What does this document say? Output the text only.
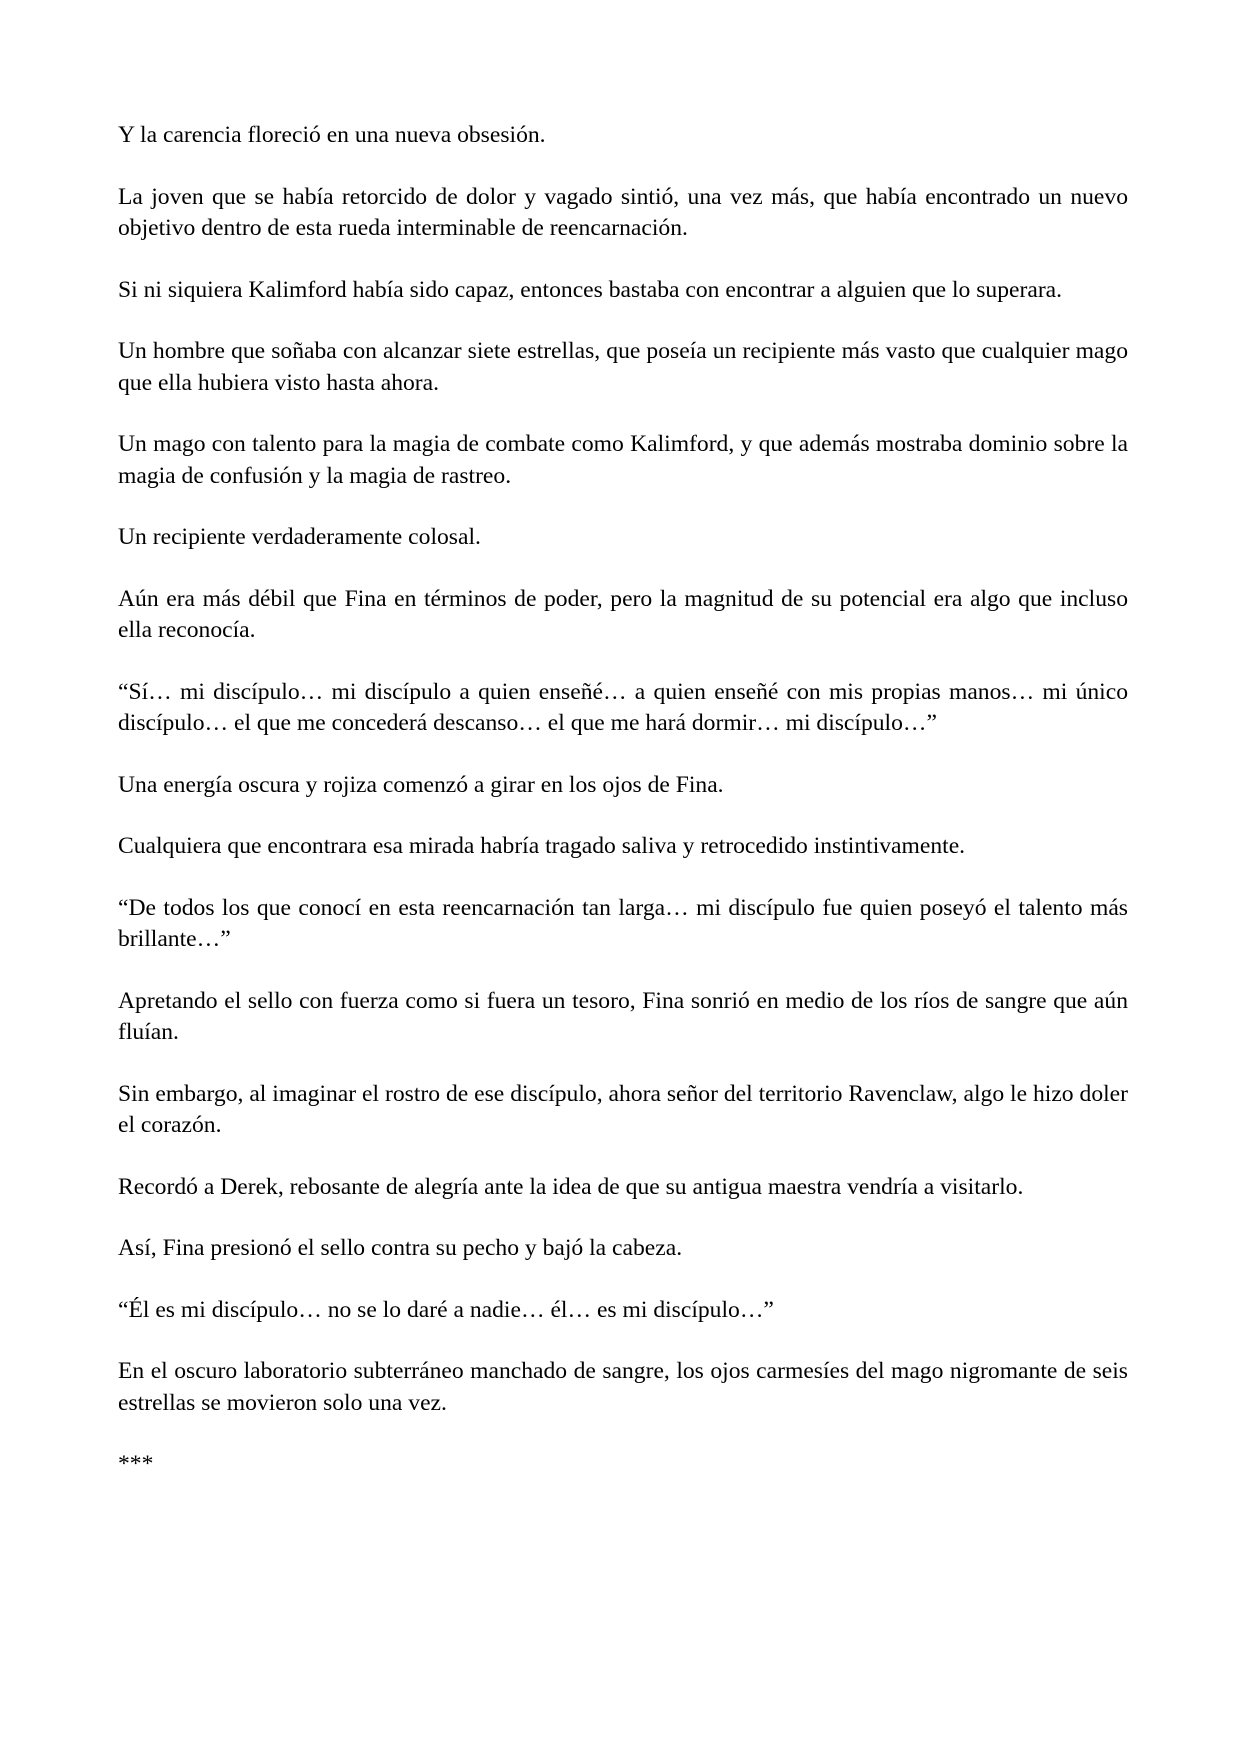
Y la carencia floreció en una nueva obsesión.

La joven que se había retorcido de dolor y vagado sintió, una vez más, que había encontrado un nuevo objetivo dentro de esta rueda interminable de reencarnación.

Si ni siquiera Kalimford había sido capaz, entonces bastaba con encontrar a alguien que lo superara.

Un hombre que soñaba con alcanzar siete estrellas, que poseía un recipiente más vasto que cualquier mago que ella hubiera visto hasta ahora.

Un mago con talento para la magia de combate como Kalimford, y que además mostraba dominio sobre la magia de confusión y la magia de rastreo.

Un recipiente verdaderamente colosal.

Aún era más débil que Fina en términos de poder, pero la magnitud de su potencial era algo que incluso ella reconocía.

“Sí… mi discípulo… mi discípulo a quien enseñé… a quien enseñé con mis propias manos… mi único discípulo… el que me concederá descanso… el que me hará dormir… mi discípulo…”

Una energía oscura y rojiza comenzó a girar en los ojos de Fina.

Cualquiera que encontrara esa mirada habría tragado saliva y retrocedido instintivamente.

“De todos los que conocí en esta reencarnación tan larga… mi discípulo fue quien poseyó el talento más brillante…”

Apretando el sello con fuerza como si fuera un tesoro, Fina sonrió en medio de los ríos de sangre que aún fluían.

Sin embargo, al imaginar el rostro de ese discípulo, ahora señor del territorio Ravenclaw, algo le hizo doler el corazón.

Recordó a Derek, rebosante de alegría ante la idea de que su antigua maestra vendría a visitarlo.

Así, Fina presionó el sello contra su pecho y bajó la cabeza.

“Él es mi discípulo… no se lo daré a nadie… él… es mi discípulo…”

En el oscuro laboratorio subterráneo manchado de sangre, los ojos carmesíes del mago nigromante de seis estrellas se movieron solo una vez.

***
